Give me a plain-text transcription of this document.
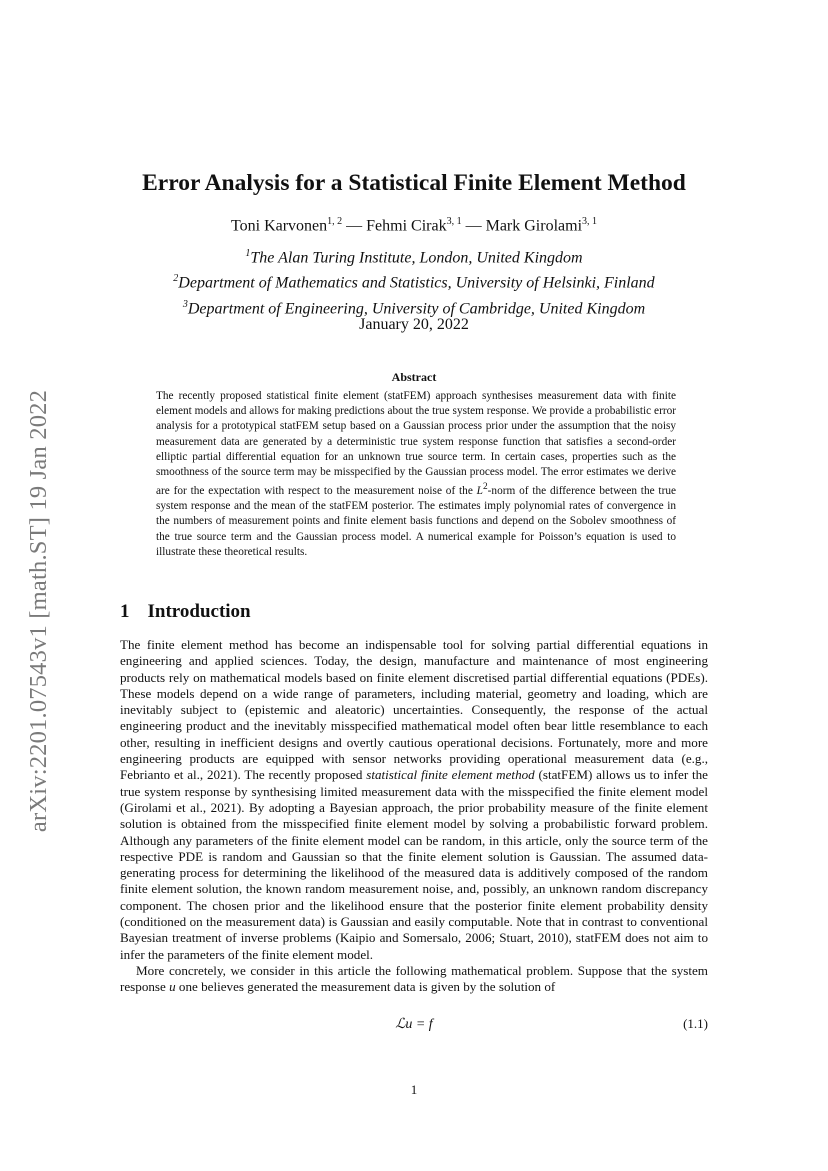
arXiv:2201.07543v1 [math.ST] 19 Jan 2022
Error Analysis for a Statistical Finite Element Method
Toni Karvonen$^{1, 2}$ — Fehmi Cirak$^{3, 1}$ — Mark Girolami$^{3, 1}$
$^1$The Alan Turing Institute, London, United Kingdom
$^2$Department of Mathematics and Statistics, University of Helsinki, Finland
$^3$Department of Engineering, University of Cambridge, United Kingdom
January 20, 2022
Abstract
The recently proposed statistical finite element (statFEM) approach synthesises measurement data with finite element models and allows for making predictions about the true system response. We provide a probabilistic error analysis for a prototypical statFEM setup based on a Gaussian process prior under the assumption that the noisy measurement data are generated by a deterministic true system response function that satisfies a second-order elliptic partial differential equation for an unknown true source term. In certain cases, properties such as the smoothness of the source term may be misspecified by the Gaussian process model. The error estimates we derive are for the expectation with respect to the measurement noise of the $L^2$-norm of the difference between the true system response and the mean of the statFEM posterior. The estimates imply polynomial rates of convergence in the numbers of measurement points and finite element basis functions and depend on the Sobolev smoothness of the true source term and the Gaussian process model. A numerical example for Poisson’s equation is used to illustrate these theoretical results.
1 Introduction

The finite element method has become an indispensable tool for solving partial differential equations in engineering and applied sciences. Today, the design, manufacture and maintenance of most engineering products rely on mathematical models based on finite element discretised partial differential equations (PDEs). These models depend on a wide range of parameters, including material, geometry and loading, which are inevitably subject to (epistemic and aleatoric) uncertainties. Consequently, the response of the actual engineering product and the inevitably misspecified mathematical model often bear little resemblance to each other, resulting in inefficient designs and overtly cautious operational decisions. Fortunately, more and more engineering products are equipped with sensor networks providing operational measurement data (e.g., Febrianto et al., 2021). The recently proposed statistical finite element method (statFEM) allows us to infer the true system response by synthesising limited measurement data with the misspecified the finite element model (Girolami et al., 2021). By adopting a Bayesian approach, the prior probability measure of the finite element solution is obtained from the misspecified finite element model by solving a probabilistic forward problem. Although any parameters of the finite element model can be random, in this article, only the source term of the respective PDE is random and Gaussian so that the finite element solution is Gaussian. The assumed data-generating process for determining the likelihood of the measured data is additively composed of the random finite element solution, the known random measurement noise, and, possibly, an unknown random discrepancy component. The chosen prior and the likelihood ensure that the posterior finite element probability density (conditioned on the measurement data) is Gaussian and easily computable. Note that in contrast to conventional Bayesian treatment of inverse problems (Kaipio and Somersalo, 2006; Stuart, 2010), statFEM does not aim to infer the parameters of the finite element model.

More concretely, we consider in this article the following mathematical problem. Suppose that the system response u one believes generated the measurement data is given by the solution of

ℒu = f	(1.1)
1
